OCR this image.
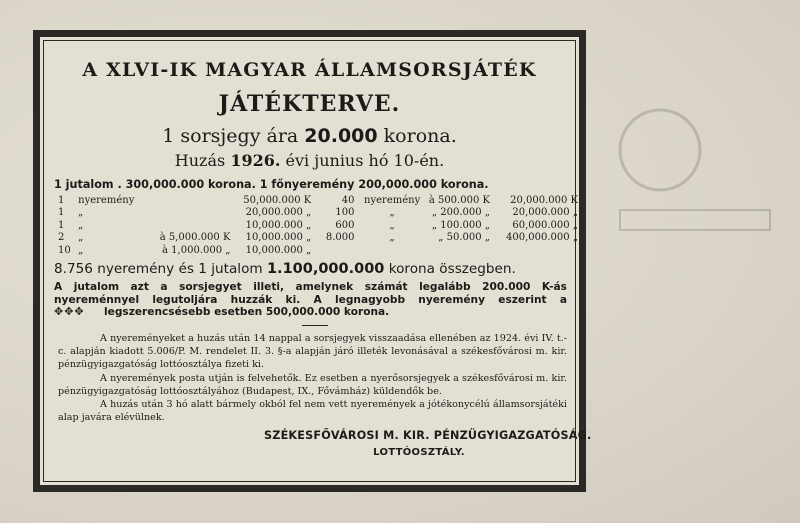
A XLVI-IK MAGYAR ÁLLAMSORSJÁTÉK
JÁTÉKTERVE.
1 sorsjegy ára 20.000 korona.
Huzás 1926. évi junius hó 10-én.
1 jutalom . 300,000.000 korona. 1 főnyeremény 200,000.000 korona.
1	nyeremény		50,000.000 K	40	nyeremény	à 500.000 K	20,000.000 K
1	„		20,000.000 „	100	„	„ 200.000 „	20,000.000 „
1	„		10,000.000 „	600	„	„ 100.000 „	60,000.000 „
2	„	à 5,000.000 K	10,000.000 „	8.000	„	„ 50.000 „	400,000.000 „
10	„	à 1,000.000 „	10,000.000 „				
8.756 nyeremény és 1 jutalom 1.100,000.000 korona összegben.

A jutalom azt a sorsjegyet illeti, amelynek számát legalább 200.000 K-ás

nyereménnyel legutoljára huzzák ki. A legnagyobb nyeremény eszerint a

✥✥✥	legszerencsésebb esetben 500,000.000 korona.

A nyereményeket a huzás után 14 nappal a sorsjegyek visszaadása ellenében az 1924. évi IV. t.-c. alapján kiadott 5.006/P. M. rendelet II. 3. §-a alapján járó illeték levonásával a székesfővárosi m. kir. pénzügyigazgatóság lottóosztálya fizeti ki.

A nyeremények posta utján is felvehetők. Ez esetben a nyerősorsjegyek a székesfővárosi m. kir. pénzügyigazgatóság lottóosztályához (Budapest, IX., Fővámház) küldendők be.

A huzás után 3 hó alatt bármely okból fel nem vett nyeremények a jótékonycélú államsorsjátéki alap javára elévülnek.

SZÉKESFŐVÁROSI M. KIR. PÉNZÜGYIGAZGATÓSÁG.
LOTTÓOSZTÁLY.
